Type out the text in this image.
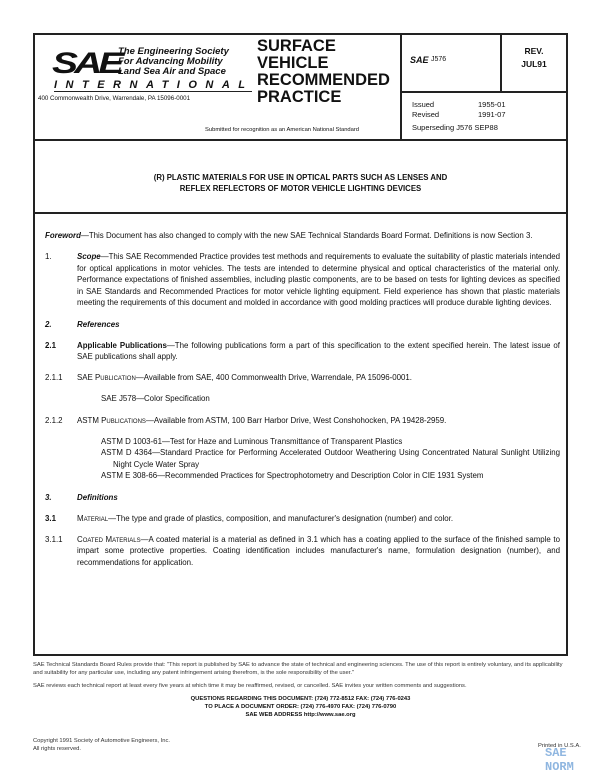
SAE
The Engineering Society
For Advancing Mobility
Land Sea Air and Space
INTERNATIONAL
400 Commonwealth Drive, Warrendale, PA 15096-0001
SURFACE
VEHICLE
RECOMMENDED
PRACTICE
Submitted for recognition as an American National Standard
SAE J576
REV.
JUL91
Issued	1955-01
Revised	1991-07
Superseding J576 SEP88
(R) PLASTIC MATERIALS FOR USE IN OPTICAL PARTS SUCH AS LENSES AND
REFLEX REFLECTORS OF MOTOR VEHICLE LIGHTING DEVICES

Foreword—This Document has also changed to comply with the new SAE Technical Standards Board Format. Definitions is now Section 3.

1.	Scope—This SAE Recommended Practice provides test methods and requirements to evaluate the suitability of plastic materials intended for optical applications in motor vehicles. The tests are intended to determine physical and optical characteristics of the material only. Performance expectations of finished assemblies, including plastic components, are to be based on tests for lighting devices as specified in SAE Standards and Recommended Practices for motor vehicle lighting equipment. Field experience has shown that plastic materials meeting the requirements of this document and molded in accordance with good molding practices will produce durable lighting devices.

2.	References

2.1	Applicable Publications—The following publications form a part of this specification to the extent specified herein. The latest issue of SAE publications shall apply.

2.1.1	SAE Publication—Available from SAE, 400 Commonwealth Drive, Warrendale, PA 15096-0001.

SAE J578—Color Specification

2.1.2	ASTM Publications—Available from ASTM, 100 Barr Harbor Drive, West Conshohocken, PA 19428-2959.

ASTM D 1003-61—Test for Haze and Luminous Transmittance of Transparent Plastics
ASTM D 4364—Standard Practice for Performing Accelerated Outdoor Weathering Using Concentrated Natural Sunlight Utilizing Night Cycle Water Spray
ASTM E 308-66—Recommended Practices for Spectrophotometry and Description Color in CIE 1931 System

3.	Definitions

3.1	Material—The type and grade of plastics, composition, and manufacturer's designation (number) and color.

3.1.1	Coated Materials—A coated material is a material as defined in 3.1 which has a coating applied to the surface of the finished sample to impart some protective properties. Coating identification includes manufacturer's name, formulation designation (number), and recommendations for application.

SAE Technical Standards Board Rules provide that: "This report is published by SAE to advance the state of technical and engineering sciences. The use of this report is entirely voluntary, and its applicability and suitability for any particular use, including any patent infringement arising therefrom, is the sole responsibility of the user."
SAE reviews each technical report at least every five years at which time it may be reaffirmed, revised, or cancelled. SAE invites your written comments and suggestions.
QUESTIONS REGARDING THIS DOCUMENT: (724) 772-8512 FAX: (724) 776-0243
TO PLACE A DOCUMENT ORDER: (724) 776-4970 FAX: (724) 776-0790
SAE WEB ADDRESS http://www.sae.org
Copyright 1991 Society of Automotive Engineers, Inc.
All rights reserved.	Printed in U.S.A.
SAE NORM
